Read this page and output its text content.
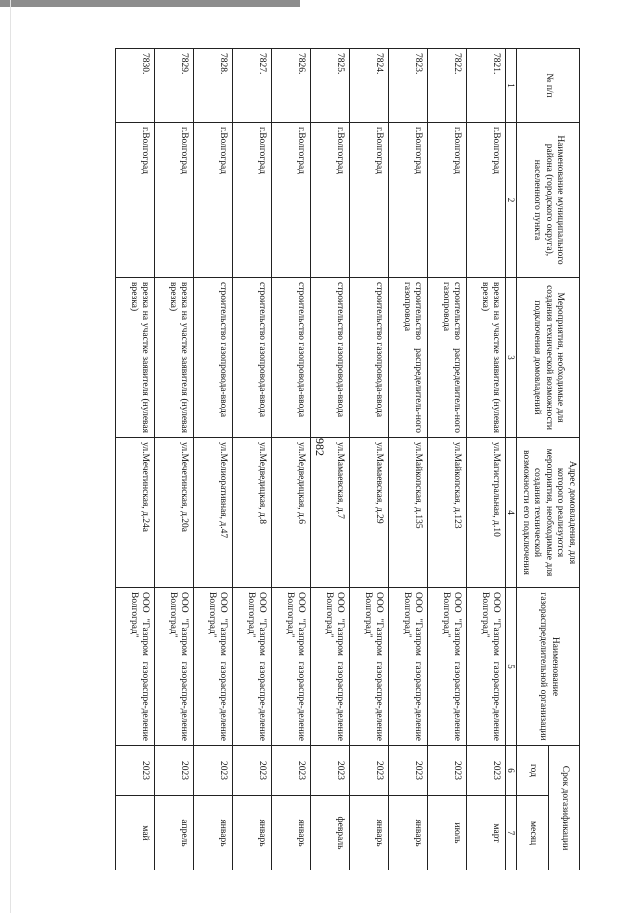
982
№ п/п	Наименование муниципального района (городского округа), населенного пункта	Мероприятия, необходимые для создания технической возможности подключения домовладений	Адрес домовладения, для которого реализуются мероприятия, необходимые для создания технической возможности его подключения	Наименование газораспределительной организации	Срок догазификации	
					год	месяц
1	2	3	4	5	6	7
7821.	г.Волгоград	врезка на участке заявителя (нулевая врезка)	ул.Магистральная, д.10	ООО "Газпром газораспре-деление Волгоград"	2023	март
7822.	г.Волгоград	строительство распределитель-ного газопровода	ул.Майкопская, д.123	ООО "Газпром газораспре-деление Волгоград"	2023	июль
7823.	г.Волгоград	строительство распределитель-ного газопровода	ул.Майкопская, д.135	ООО "Газпром газораспре-деление Волгоград"	2023	январь
7824.	г.Волгоград	строительство газопровода-ввода	ул.Мамаевская, д.29	ООО "Газпром газораспре-деление Волгоград"	2023	январь
7825.	г.Волгоград	строительство газопровода-ввода	ул.Мамаевская, д.7	ООО "Газпром газораспре-деление Волгоград"	2023	февраль
7826.	г.Волгоград	строительство газопровода-ввода	ул.Медведицкая, д.6	ООО "Газпром газораспре-деление Волгоград"	2023	январь
7827.	г.Волгоград	строительство газопровода-ввода	ул.Медведицкая, д.8	ООО "Газпром газораспре-деление Волгоград"	2023	январь
7828.	г.Волгоград	строительство газопровода-ввода	ул.Мелиоративная, д.47	ООО "Газпром газораспре-деление Волгоград"	2023	январь
7829.	г.Волгоград	врезка на участке заявителя (нулевая врезка)	ул.Мечетинская, д.20а	ООО "Газпром газораспре-деление Волгоград"	2023	апрель
7830.	г.Волгоград	врезка на участке заявителя (нулевая врезка)	ул.Мечетинская, д.24а	ООО "Газпром газораспре-деление Волгоград"	2023	май
